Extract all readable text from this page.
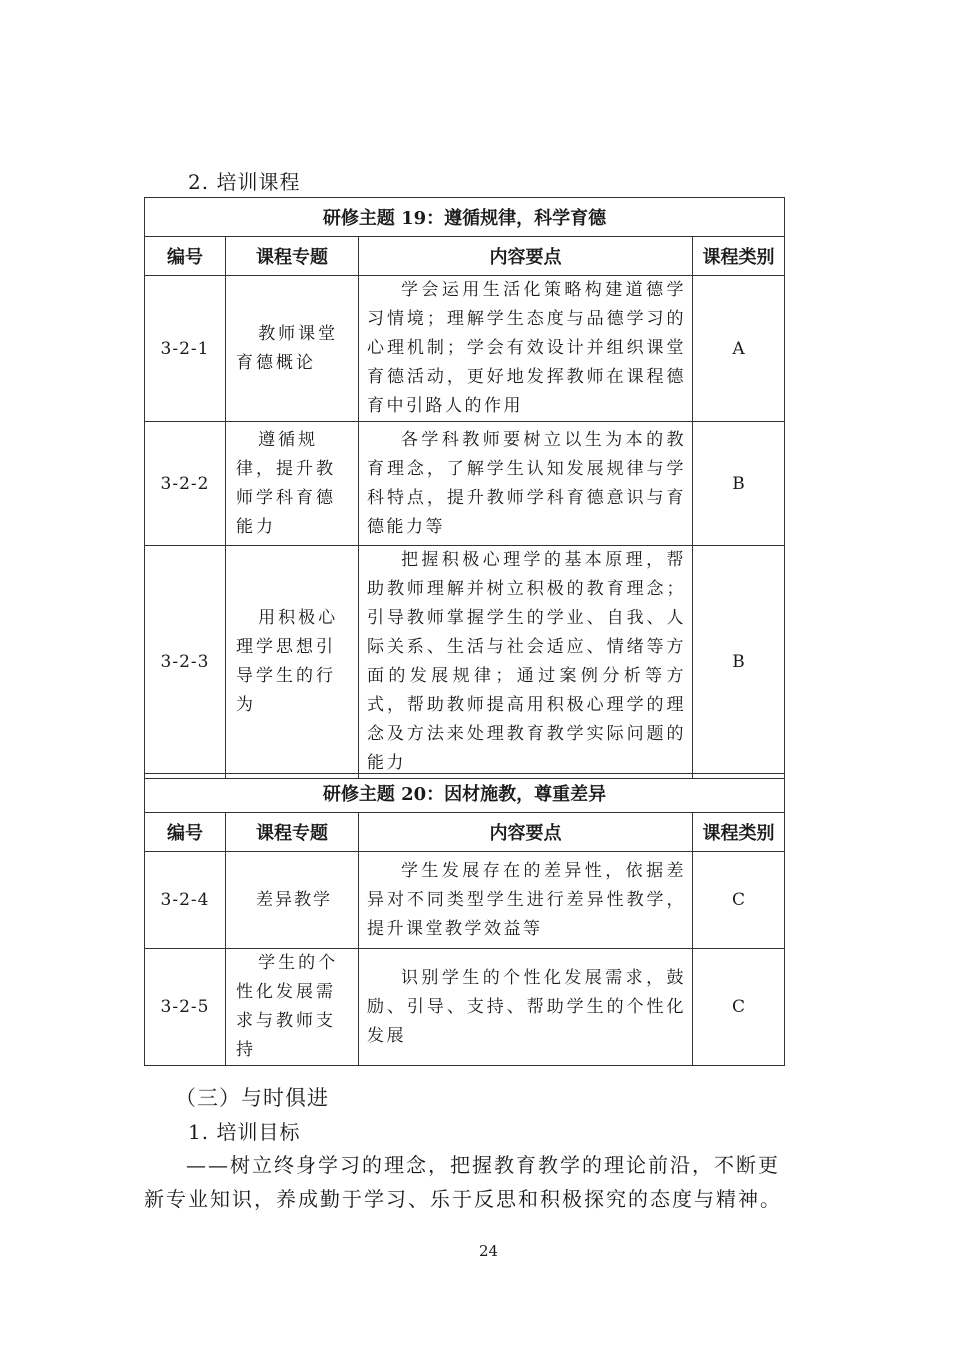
2. 培训课程
研修主题 19：遵循规律，科学育德			
编号	课程专题	内容要点	课程类别
3-2-1	教师课堂育德概论	学会运用生活化策略构建道德学习情境；理解学生态度与品德学习的心理机制；学会有效设计并组织课堂育德活动，更好地发挥教师在课程德育中引路人的作用	A
3-2-2	遵循规律，提升教师学科育德能力	各学科教师要树立以生为本的教育理念，了解学生认知发展规律与学科特点，提升教师学科育德意识与育德能力等	B
3-2-3	用积极心理学思想引导学生的行为	把握积极心理学的基本原理，帮助教师理解并树立积极的教育理念；引导教师掌握学生的学业、自我、人际关系、生活与社会适应、情绪等方面的发展规律；通过案例分析等方式，帮助教师提高用积极心理学的理念及方法来处理教育教学实际问题的能力	B
研修主题 20：因材施教，尊重差异			
编号	课程专题	内容要点	课程类别
3-2-4	差异教学	学生发展存在的差异性，依据差异对不同类型学生进行差异性教学，提升课堂教学效益等	C
3-2-5	学生的个性化发展需求与教师支持	识别学生的个性化发展需求，鼓励、引导、支持、帮助学生的个性化发展	C
（三）与时俱进
1. 培训目标
——树立终身学习的理念，把握教育教学的理论前沿，不断更新专业知识，养成勤于学习、乐于反思和积极探究的态度与精神。
24
